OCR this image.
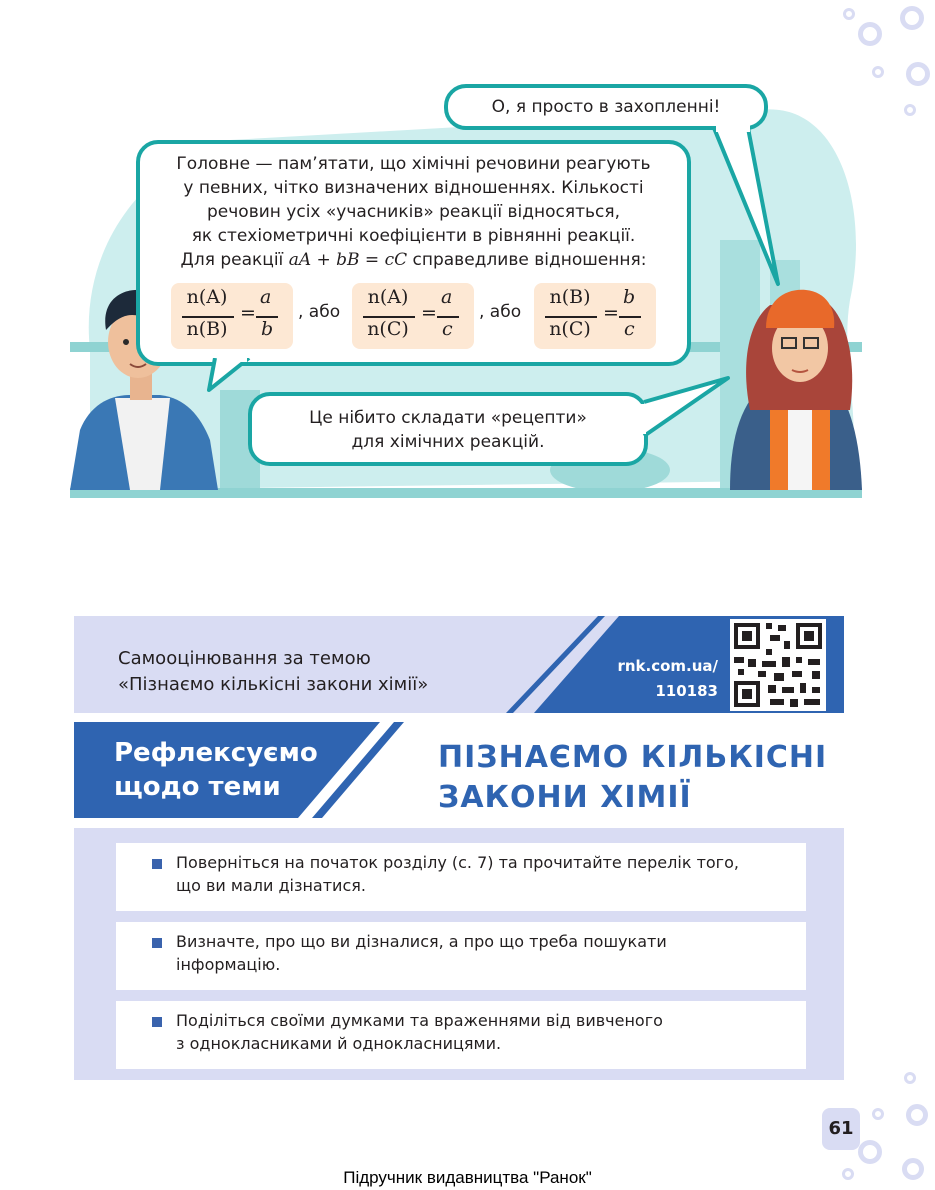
О, я просто в захопленні!
Головне — пам’ятати, що хімічні речовини реагують
у певних, чітко визначених відношеннях. Кількості
речовин усіх «учасників» реакції відносяться,
як стехіометричні коефіцієнти в рівнянні реакції.
Для реакції aA + bB = cC справедливе відношення:
n(A)
n(B)
=
a
b
, або
n(A)
n(C)
=
a
c
, або
n(B)
n(C)
=
b
c
Це нібито складати «рецепти»
для хімічних реакцій.
Самооцінювання за темою
«Пізнаємо кількісні закони хімії»
rnk.com.ua/
110183
Рефлексуємо
щодо теми
ПІЗНАЄМО КІЛЬКІСНІ
ЗАКОНИ ХІМІЇ
Поверніться на початок розділу (с. 7) та прочитайте перелік того,
що ви мали дізнатися.
Визначте, про що ви дізналися, а про що треба пошукати
інформацію.
Поділіться своїми думками та враженнями від вивченого
з однокласниками й однокласницями.
61
Підручник видавництва "Ранок"
